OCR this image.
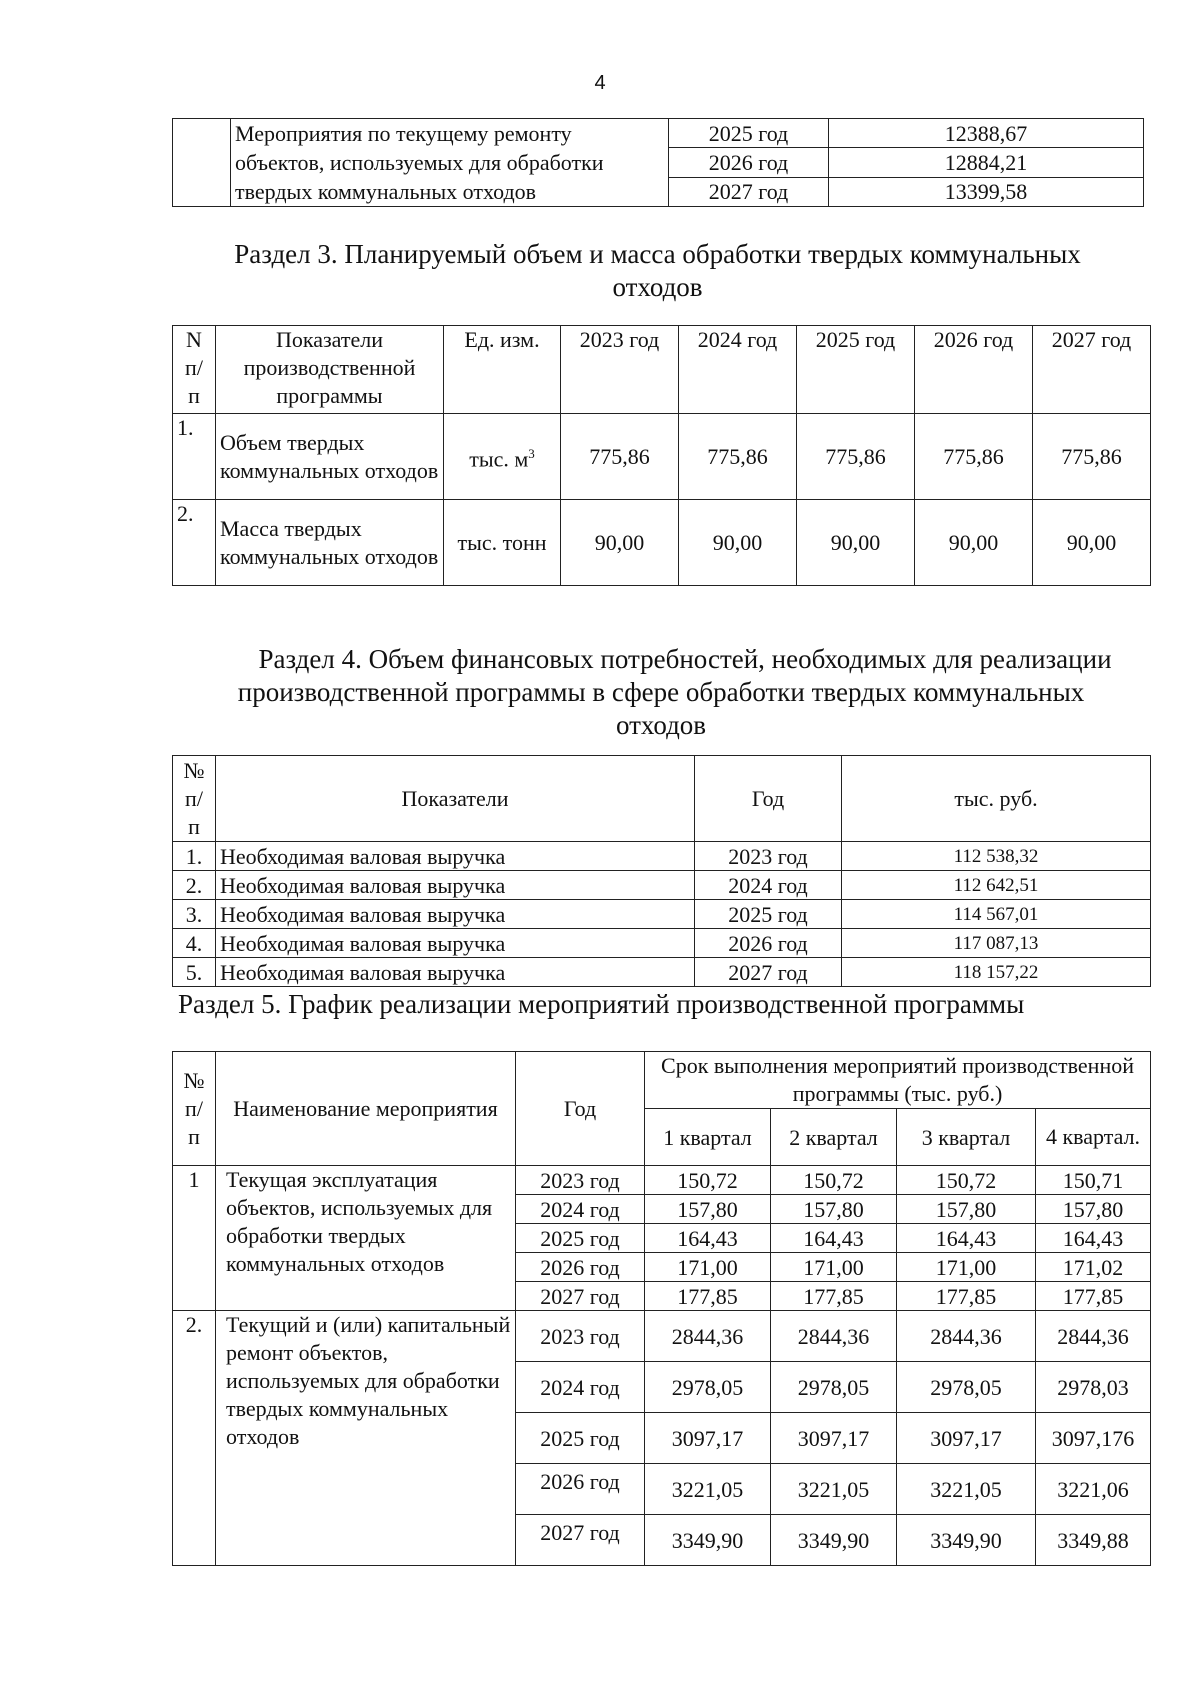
4
	Мероприятия по текущему ремонту объектов, используемых для обработки твердых коммунальных отходов	2025 год	12388,67
		2026 год	12884,21
		2027 год	13399,58
Раздел 3. Планируемый объем и масса обработки твердых коммунальных
отходов
N п/ п	Показатели производственной программы	Ед. изм.	2023 год	2024 год	2025 год	2026 год	2027 год
1.	Объем твердых коммунальных отходов	тыс. $м^3$	775,86	775,86	775,86	775,86	775,86
2.	Масса твердых коммунальных отходов	тыс. тонн	90,00	90,00	90,00	90,00	90,00
Раздел 4. Объем финансовых потребностей, необходимых для реализации
производственной программы в сфере обработки твердых коммунальных
отходов
№ п/ п	Показатели	Год	тыс. руб.
1.	Необходимая валовая выручка	2023 год	112 538,32
2.	Необходимая валовая выручка	2024 год	112 642,51
3.	Необходимая валовая выручка	2025 год	114 567,01
4.	Необходимая валовая выручка	2026 год	117 087,13
5.	Необходимая валовая выручка	2027 год	118 157,22
Раздел 5. График реализации мероприятий производственной программы
№ п/ п	Наименование мероприятия	Год	Срок выполнения мероприятий производственной программы (тыс. руб.)			
			1 квартал	2 квартал	3 квартал	4 квартал.
1	Текущая эксплуатация объектов, используемых для обработки твердых коммунальных отходов	2023 год	150,72	150,72	150,72	150,71
		2024 год	157,80	157,80	157,80	157,80
		2025 год	164,43	164,43	164,43	164,43
		2026 год	171,00	171,00	171,00	171,02
		2027 год	177,85	177,85	177,85	177,85
2.	Текущий и (или) капитальный ремонт объектов, используемых для обработки твердых коммунальных отходов	2023 год	2844,36	2844,36	2844,36	2844,36
		2024 год	2978,05	2978,05	2978,05	2978,03
		2025 год	3097,17	3097,17	3097,17	3097,176
		2026 год	3221,05	3221,05	3221,05	3221,06
		2027 год	3349,90	3349,90	3349,90	3349,88
